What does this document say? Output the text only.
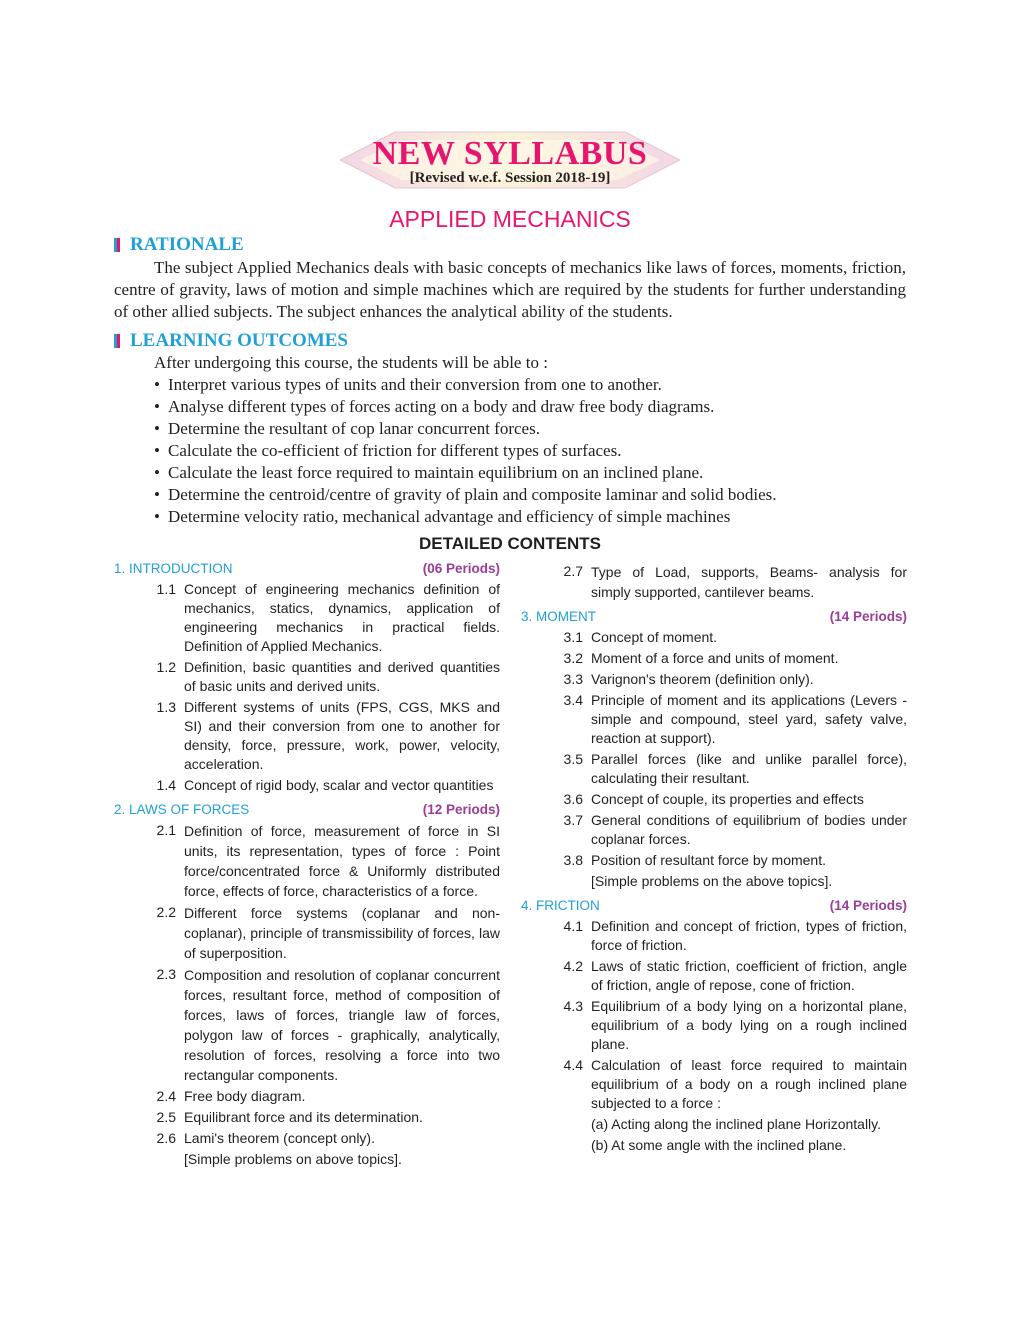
NEW SYLLABUS
[Revised w.e.f. Session 2018-19]
APPLIED MECHANICS
RATIONALE

The subject Applied Mechanics deals with basic concepts of mechanics like laws of forces, moments, friction, centre of gravity, laws of motion and simple machines which are required by the students for further understanding of other allied subjects. The subject enhances the analytical ability of the students.

LEARNING OUTCOMES

After undergoing this course, the students will be able to :

• Interpret various types of units and their conversion from one to another.
• Analyse different types of forces acting on a body and draw free body diagrams.
• Determine the resultant of cop lanar concurrent forces.
• Calculate the co-efficient of friction for different types of surfaces.
• Calculate the least force required to maintain equilibrium on an inclined plane.
• Determine the centroid/centre of gravity of plain and composite laminar and solid bodies.
• Determine velocity ratio, mechanical advantage and efficiency of simple machines
DETAILED CONTENTS
1. INTRODUCTION	(06 Periods)
1.1 Concept of engineering mechanics definition of mechanics, statics, dynamics, application of engineering mechanics in practical fields. Definition of Applied Mechanics.
1.2 Definition, basic quantities and derived quantities of basic units and derived units.
1.3 Different systems of units (FPS, CGS, MKS and SI) and their conversion from one to another for density, force, pressure, work, power, velocity, acceleration.
1.4 Concept of rigid body, scalar and vector quantities
2. LAWS OF FORCES	(12 Periods)
2.1 Definition of force, measurement of force in SI units, its representation, types of force : Point force/concentrated force & Uniformly distributed force, effects of force, characteristics of a force.
2.2 Different force systems (coplanar and non-coplanar), principle of transmissibility of forces, law of superposition.
2.3 Composition and resolution of coplanar concurrent forces, resultant force, method of composition of forces, laws of forces, triangle law of forces, polygon law of forces - graphically, analytically, resolution of forces, resolving a force into two rectangular components.
2.4 Free body diagram.
2.5 Equilibrant force and its determination.
2.6 Lami's theorem (concept only).
[Simple problems on above topics].
2.7 Type of Load, supports, Beams- analysis for simply supported, cantilever beams.
3. MOMENT	(14 Periods)
3.1 Concept of moment.
3.2 Moment of a force and units of moment.
3.3 Varignon's theorem (definition only).
3.4 Principle of moment and its applications (Levers - simple and compound, steel yard, safety valve, reaction at support).
3.5 Parallel forces (like and unlike parallel force), calculating their resultant.
3.6 Concept of couple, its properties and effects
3.7 General conditions of equilibrium of bodies under coplanar forces.
3.8 Position of resultant force by moment.
[Simple problems on the above topics].
4. FRICTION	(14 Periods)
4.1 Definition and concept of friction, types of friction, force of friction.
4.2 Laws of static friction, coefficient of friction, angle of friction, angle of repose, cone of friction.
4.3 Equilibrium of a body lying on a horizontal plane, equilibrium of a body lying on a rough inclined plane.
4.4 Calculation of least force required to maintain equilibrium of a body on a rough inclined plane subjected to a force :
(a) Acting along the inclined plane Horizontally.
(b) At some angle with the inclined plane.
